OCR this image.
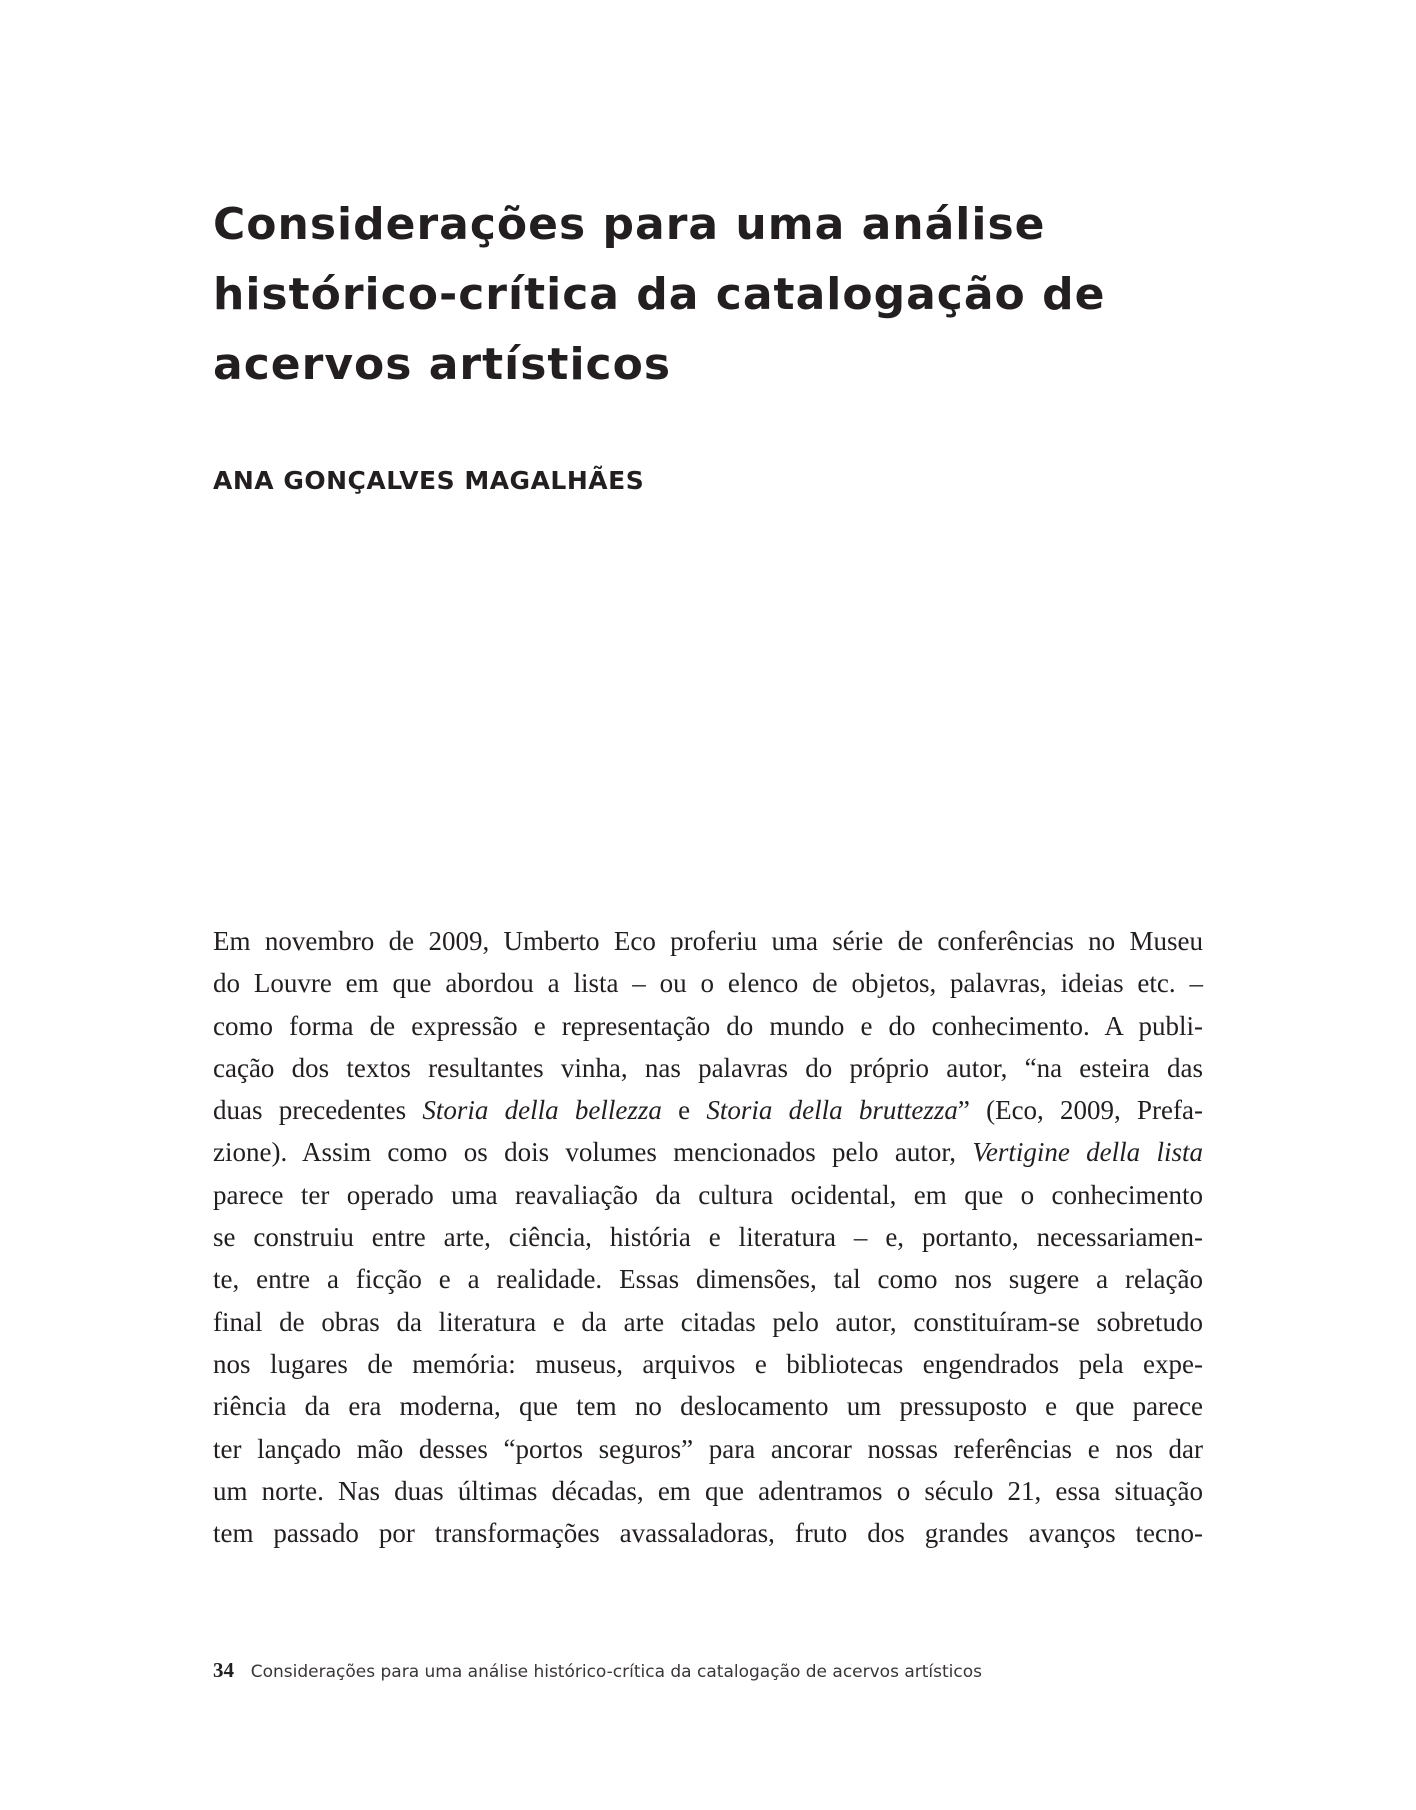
Considerações para uma análise
histórico-crítica da catalogação de
acervos artísticos

ANA GONÇALVES MAGALHÃES

Em novembro de 2009, Umberto Eco proferiu uma série de conferências no Museu
do Louvre em que abordou a lista – ou o elenco de objetos, palavras, ideias etc. –
como forma de expressão e representação do mundo e do conhecimento. A publi-
cação dos textos resultantes vinha, nas palavras do próprio autor, “na esteira das
duas precedentes Storia della bellezza e Storia della bruttezza” (Eco, 2009, Prefa-
zione). Assim como os dois volumes mencionados pelo autor, Vertigine della lista
parece ter operado uma reavaliação da cultura ocidental, em que o conhecimento
se construiu entre arte, ciência, história e literatura – e, portanto, necessariamen-
te, entre a ficção e a realidade. Essas dimensões, tal como nos sugere a relação
final de obras da literatura e da arte citadas pelo autor, constituíram-se sobretudo
nos lugares de memória: museus, arquivos e bibliotecas engendrados pela expe-
riência da era moderna, que tem no deslocamento um pressuposto e que parece
ter lançado mão desses “portos seguros” para ancorar nossas referências e nos dar
um norte. Nas duas últimas décadas, em que adentramos o século 21, essa situação
tem passado por transformações avassaladoras, fruto dos grandes avanços tecno-
34 Considerações para uma análise histórico-crítica da catalogação de acervos artísticos
